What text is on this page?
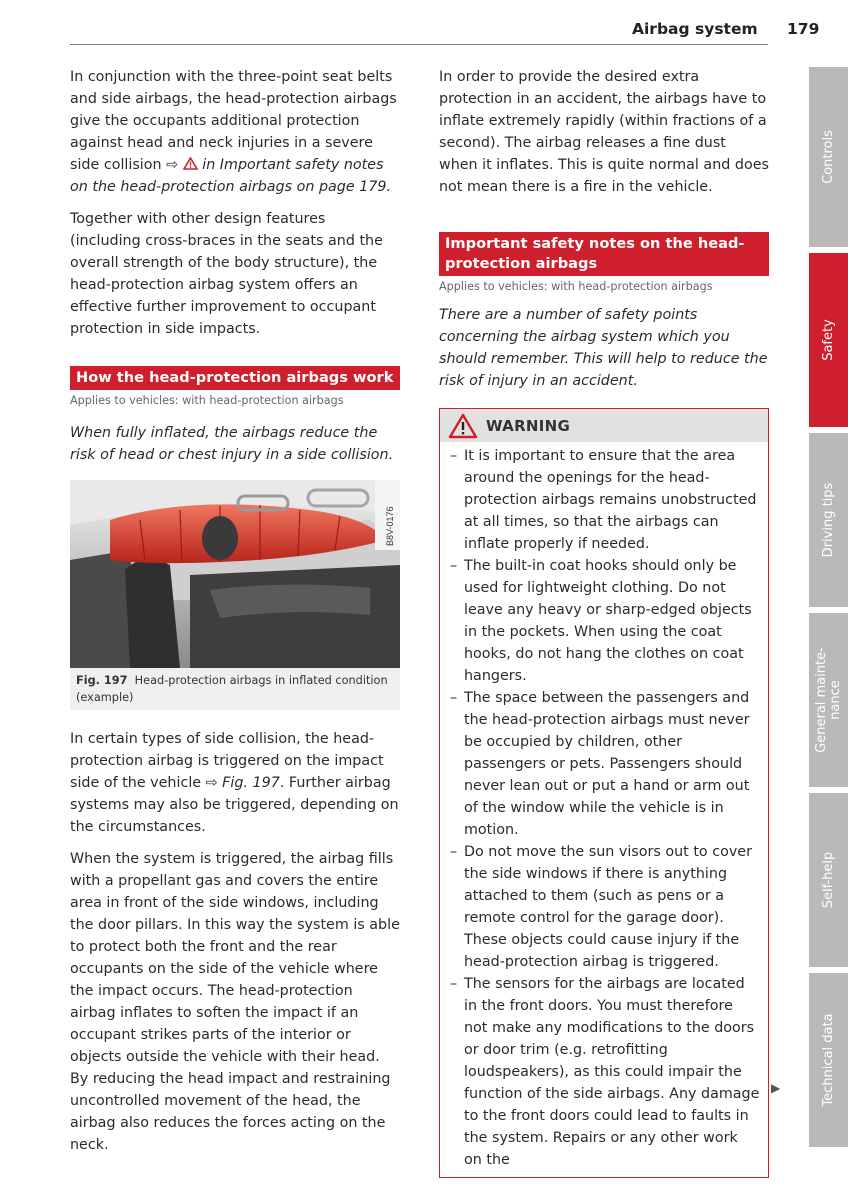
Airbag system 179

In conjunction with the three-point seat belts and side airbags, the head-protection airbags give the occupants additional protection against head and neck injuries in a severe side collision ⇨  in Important safety notes on the head-protection airbags on page 179.

Together with other design features (including cross-braces in the seats and the overall strength of the body structure), the head-protection airbag system offers an effective further improvement to occupant protection in side impacts.

How the head-protection airbags work
Applies to vehicles: with head-protection airbags

When fully inflated, the airbags reduce the risk of head or chest injury in a side collision.

B8V-0176
Fig. 197 Head-protection airbags in inflated condition (example)

In certain types of side collision, the head-protection airbag is triggered on the impact side of the vehicle ⇨ Fig. 197. Further airbag systems may also be triggered, depending on the circumstances.

When the system is triggered, the airbag fills with a propellant gas and covers the entire area in front of the side windows, including the door pillars. In this way the system is able to protect both the front and the rear occupants on the side of the vehicle where the impact occurs. The head-protection airbag inflates to soften the impact if an occupant strikes parts of the interior or objects outside the vehicle with their head. By reducing the head impact and restraining uncontrolled movement of the head, the airbag also reduces the forces acting on the neck.

In order to provide the desired extra protection in an accident, the airbags have to inflate extremely rapidly (within fractions of a second). The airbag releases a fine dust when it inflates. This is quite normal and does not mean there is a fire in the vehicle.

Important safety notes on the head-protection airbags
Applies to vehicles: with head-protection airbags

There are a number of safety points concerning the airbag system which you should remember. This will help to reduce the risk of injury in an accident.

WARNING
– It is important to ensure that the area around the openings for the head-protection airbags remains unobstructed at all times, so that the airbags can inflate properly if needed.
– The built-in coat hooks should only be used for lightweight clothing. Do not leave any heavy or sharp-edged objects in the pockets. When using the coat hooks, do not hang the clothes on coat hangers.
– The space between the passengers and the head-protection airbags must never be occupied by children, other passengers or pets. Passengers should never lean out or put a hand or arm out of the window while the vehicle is in motion.
– Do not move the sun visors out to cover the side windows if there is anything attached to them (such as pens or a remote control for the garage door). These objects could cause injury if the head-protection airbag is triggered.
– The sensors for the airbags are located in the front doors. You must therefore not make any modifications to the doors or door trim (e.g. retrofitting loudspeakers), as this could impair the function of the side airbags. Any damage to the front doors could lead to faults in the system. Repairs or any other work on the
▶
Controls
Safety
Driving tips
General mainte-
nance
Self-help
Technical data
